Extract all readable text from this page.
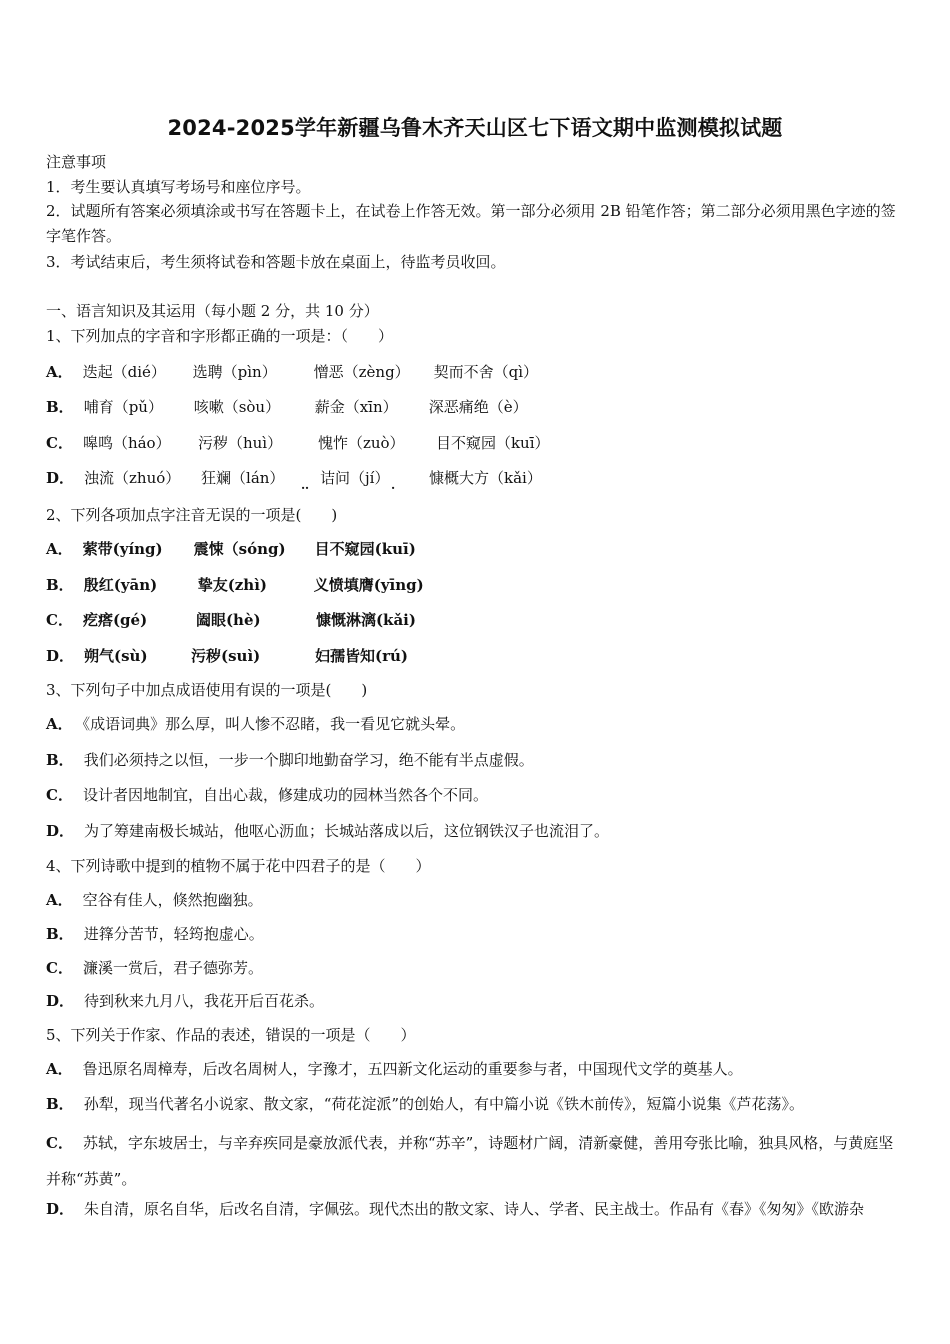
2024-2025学年新疆乌鲁木齐天山区七下语文期中监测模拟试题
注意事项
1．考生要认真填写考场号和座位序号。
2．试题所有答案必须填涂或书写在答题卡上，在试卷上作答无效。第一部分必须用 2B 铅笔作答；第二部分必须用黑色字迹的签字笔作答。
3．考试结束后，考生须将试卷和答题卡放在桌面上，待监考员收回。
一、语言知识及其运用（每小题 2 分，共 10 分）
1、下列加点的字音和字形都正确的一项是：（　　）
A． 迭起（dié） 选聘（pìn） 憎恶（zèng） 契而不舍（qì）
B． 哺育（pǔ） 咳嗽（sòu） 薪金（xīn） 深恶痛绝（è）
C． 嗥鸣（háo） 污秽（huì） 愧怍（zuò） 目不窥园（kuī）
D． 浊流（zhuó） 狂斓（lán） 诘问（jí）	慷概大方（kǎi）
‥	.
2、下列各项加点字注音无误的一项是(　　)
A． 萦带(yíng) 震悚（sóng) 目不窥园(kuī)
B． 殷红(yān)	挚友(zhì)	义愤填膺(yīng)
C． 疙瘩(gé)	阖眼(hè)	慷慨淋漓(kǎi)
D． 朔气(sù)	污秽(suì)	妇孺皆知(rú)
3、下列句子中加点成语使用有误的一项是(　　)
A． 《成语词典》那么厚，叫人惨不忍睹，我一看见它就头晕。
B． 我们必须持之以恒，一步一个脚印地勤奋学习，绝不能有半点虚假。
C． 设计者因地制宜，自出心裁，修建成功的园林当然各个不同。
D． 为了筹建南极长城站，他呕心沥血；长城站落成以后，这位钢铁汉子也流泪了。
4、下列诗歌中提到的植物不属于花中四君子的是（　　）
A． 空谷有佳人，倏然抱幽独。
B． 进箨分苦节，轻筠抱虚心。
C． 濂溪一赏后，君子德弥芳。
D． 待到秋来九月八，我花开后百花杀。
5、下列关于作家、作品的表述，错误的一项是（　　）
A． 鲁迅原名周樟寿，后改名周树人，字豫才，五四新文化运动的重要参与者，中国现代文学的奠基人。
B． 孙犁，现当代著名小说家、散文家，“荷花淀派”的创始人，有中篇小说《铁木前传》，短篇小说集《芦花荡》。
C． 苏轼，字东坡居士，与辛弃疾同是豪放派代表，并称“苏辛”，诗题材广阔，清新豪健，善用夸张比喻，独具风格，与黄庭坚并称“苏黄”。
D． 朱自清，原名自华，后改名自清，字佩弦。现代杰出的散文家、诗人、学者、民主战士。作品有《春》《匆匆》《欧游杂
